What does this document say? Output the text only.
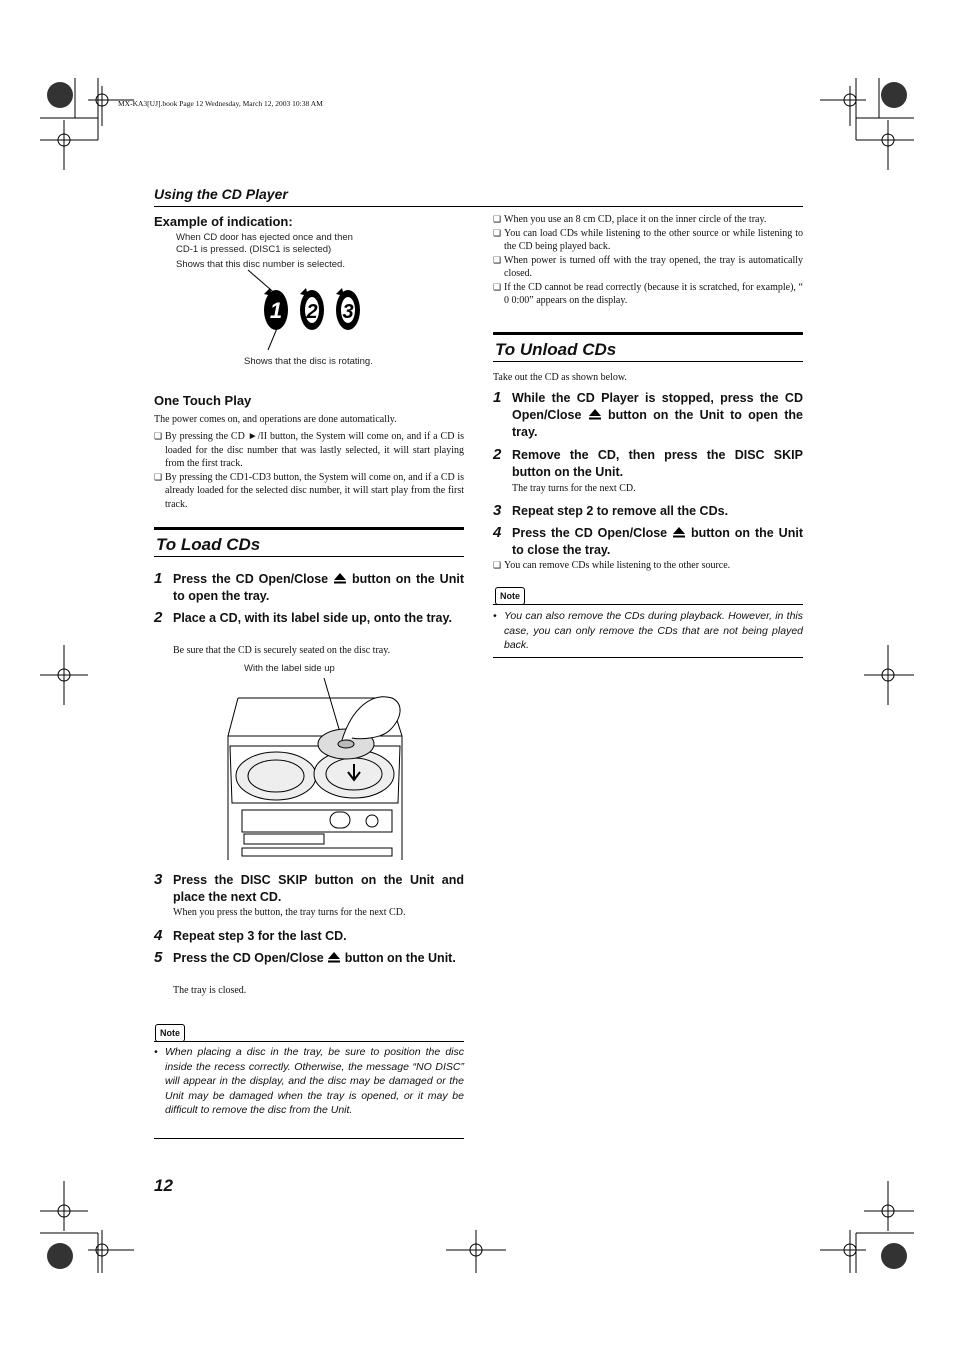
MX-KA3[UJ].book Page 12 Wednesday, March 12, 2003 10:38 AM
Using the CD Player
Example of indication:
When CD door has ejected once and then
CD-1 is pressed. (DISC1 is selected)
Shows that this disc number is selected.
1 2 3
Shows that the disc is rotating.
One Touch Play
The power comes on, and operations are done automatically.

❑ By pressing the CD ►/II button, the System will come on, and if a CD is loaded for the disc number that was lastly selected, it will start playing from the first track.

❑ By pressing the CD1-CD3 button, the System will come on, and if a CD is already loaded for the selected disc number, it will start play from the first track.

To Load CDs
1 Press the CD Open/Close button on the Unit to open the tray.
2 Place a CD, with its label side up, onto the tray.
Be sure that the CD is securely seated on the disc tray.
With the label side up
3 Press the DISC SKIP button on the Unit and place the next CD.
When you press the button, the tray turns for the next CD.
4 Repeat step 3 for the last CD.
5 Press the CD Open/Close button on the Unit.
The tray is closed.
Note
• When placing a disc in the tray, be sure to position the disc inside the recess correctly. Otherwise, the message “NO DISC” will appear in the display, and the disc may be damaged or the Unit may be damaged when the tray is opened, or it may be difficult to remove the disc from the Unit.

❑ When you use an 8 cm CD, place it on the inner circle of the tray.

❑ You can load CDs while listening to the other source or while listening to the CD being played back.

❑ When power is turned off with the tray opened, the tray is automatically closed.

❑ If the CD cannot be read correctly (because it is scratched, for example), “ 0 0:00” appears on the display.

To Unload CDs
Take out the CD as shown below.
1 While the CD Player is stopped, press the CD Open/Close button on the Unit to open the tray.
2 Remove the CD, then press the DISC SKIP button on the Unit.
The tray turns for the next CD.
3 Repeat step 2 to remove all the CDs.
4 Press the CD Open/Close button on the Unit to close the tray.

❑ You can remove CDs while listening to the other source.

Note
• You can also remove the CDs during playback. However, in this case, you can only remove the CDs that are not being played back.
12
